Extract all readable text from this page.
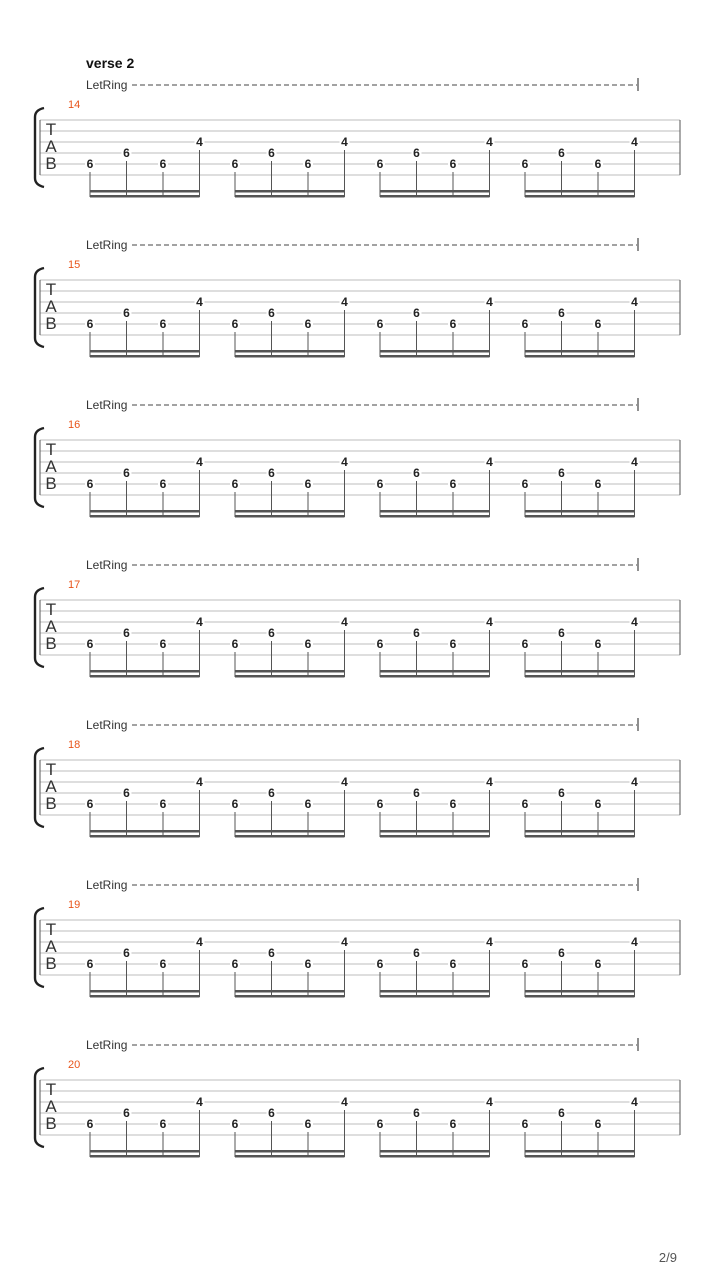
verse 2
LetRing
14
T
A
B 6
6
6
4
6
6
6
4
6
6
6
4
6
6
6
4
LetRing
15
T
A
B 6
6
6
4
6
6
6
4
6
6
6
4
6
6
6
4
LetRing
16
T
A
B 6
6
6
4
6
6
6
4
6
6
6
4
6
6
6
4
LetRing
17
T
A
B 6
6
6
4
6
6
6
4
6
6
6
4
6
6
6
4
LetRing
18
T
A
B 6
6
6
4
6
6
6
4
6
6
6
4
6
6
6
4
LetRing
19
T
A
B 6
6
6
4
6
6
6
4
6
6
6
4
6
6
6
4
LetRing
20
T
A
B 6
6
6
4
6
6
6
4
6
6
6
4
6
6
6
4
2/9
